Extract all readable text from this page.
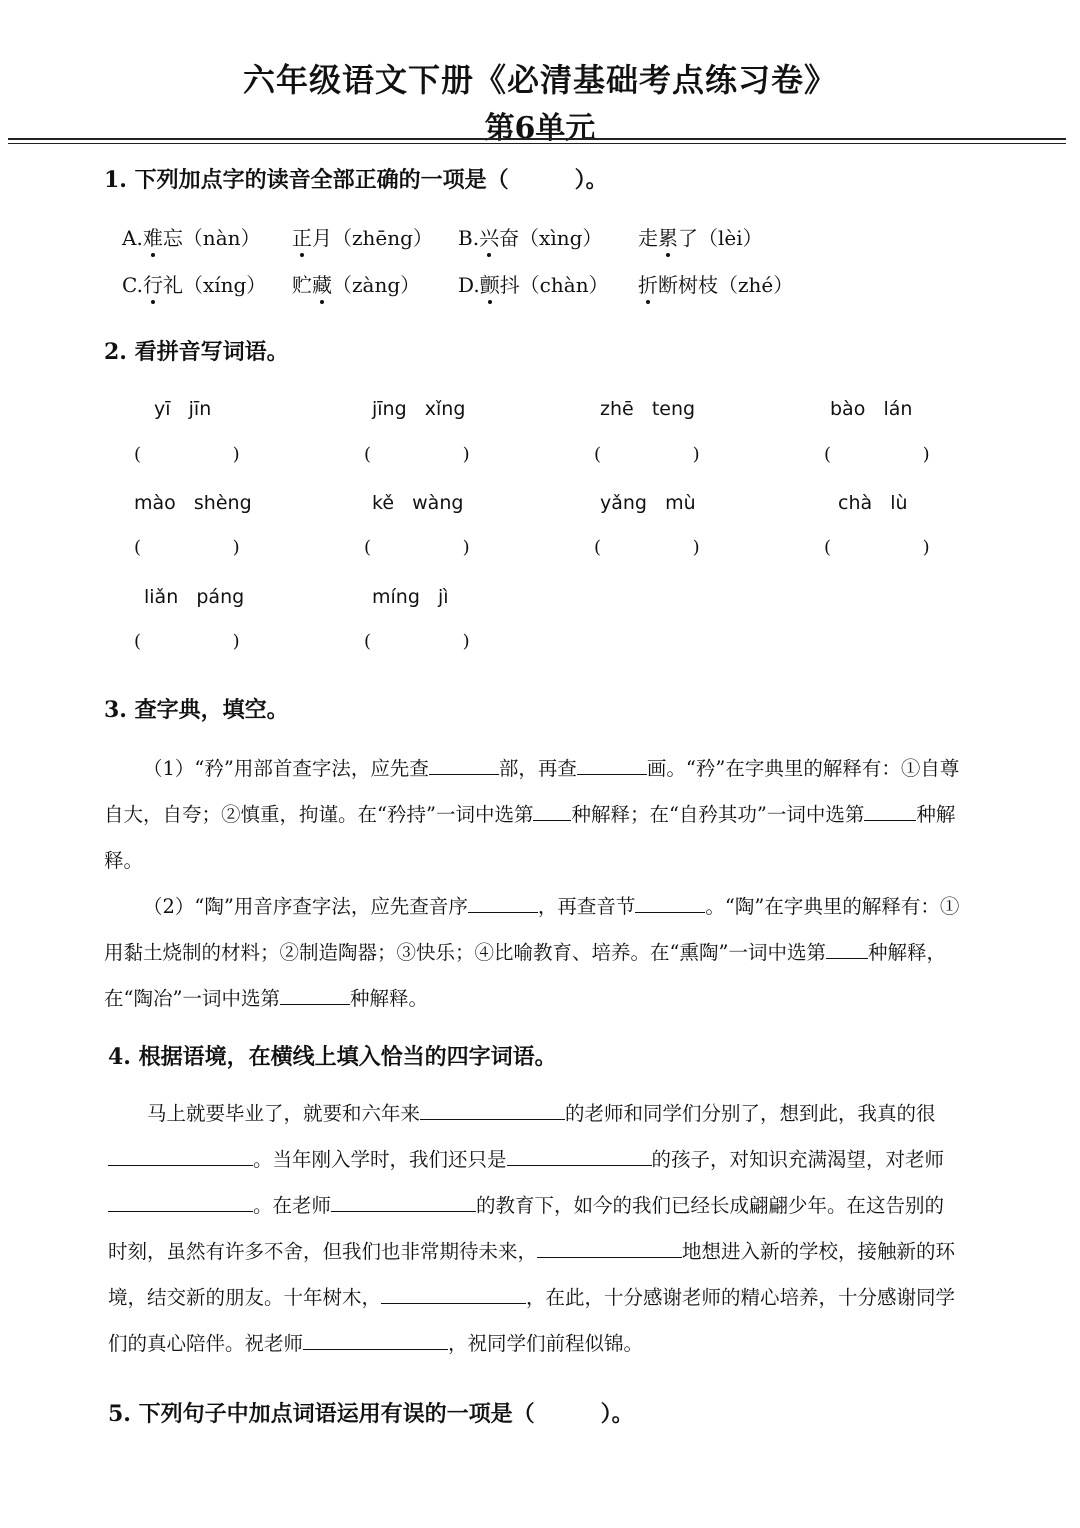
六年级语文下册《必清基础考点练习卷》
第6单元
1. 下列加点字的读音全部正确的一项是（　　　）。
A.难忘（nàn） 正月（zhēng） B.兴奋（xìng） 走累了（lèi）
C.行礼（xíng） 贮藏（zàng） D.颤抖（chàn） 折断树枝（zhé）
2. 看拼音写词语。
yī   jīn
(                )
jīng   xǐng
(                )
zhē   teng
(                )
bào   lán
(                )
mào   shèng
(                )
kě   wàng
(                )
yǎng   mù
(                )
chà   lù
(                )
liǎn   páng
(                )
míng   jì
(                )
3. 查字典，填空。

（1）“矜”用部首查字法，应先查	部，再查	画。“矜”在字典里的解释有：①自尊自大，自夸；②慎重，拘谨。在“矜持”一词中选第 种解释；在“自矜其功”一词中选第	种解释。

（2）“陶”用音序查字法，应先查音序	，再查音节	。“陶”在字典里的解释有：①用黏土烧制的材料；②制造陶器；③快乐；④比喻教育、培养。在“熏陶”一词中选第 种解释，在“陶冶”一词中选第	种解释。

4. 根据语境，在横线上填入恰当的四字词语。

马上就要毕业了，就要和六年来	的老师和同学们分别了，想到此，我真的很。当年刚入学时，我们还只是	的孩子，对知识充满渴望，对老师。在老师	的教育下，如今的我们已经长成翩翩少年。在这告别的时刻，虽然有许多不舍，但我们也非常期待未来，	地想进入新的学校，接触新的环境，结交新的朋友。十年树木，	，在此，十分感谢老师的精心培养，十分感谢同学们的真心陪伴。祝老师	，祝同学们前程似锦。

5. 下列句子中加点词语运用有误的一项是（　　　）。
